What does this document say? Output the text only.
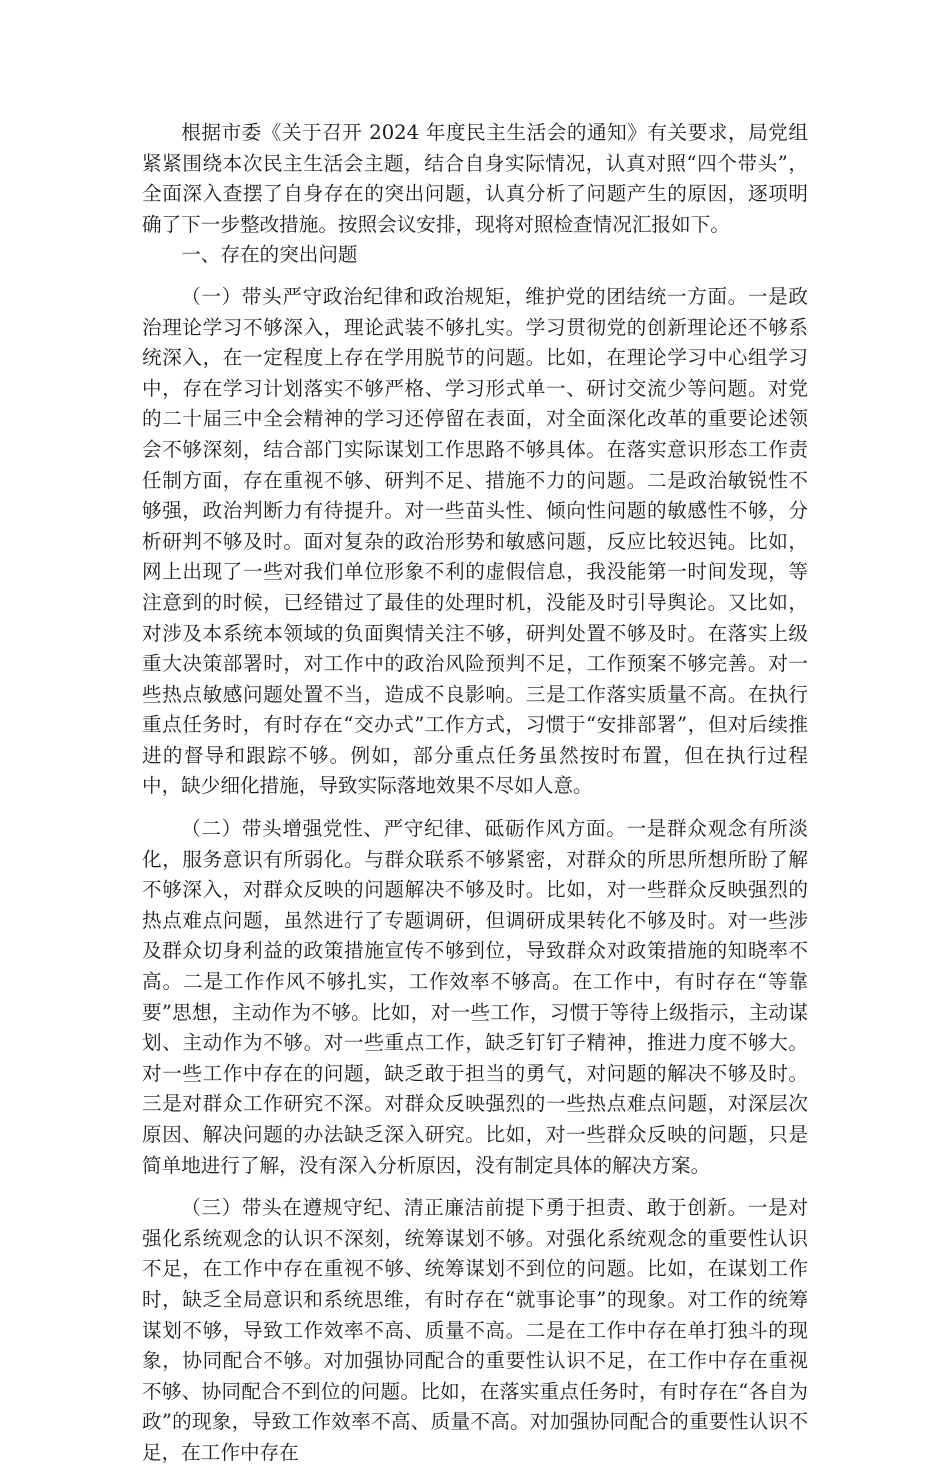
根据市委《关于召开 2024 年度民主生活会的通知》有关要求，局党组紧紧围绕本次民主生活会主题，结合自身实际情况，认真对照“四个带头”，全面深入查摆了自身存在的突出问题，认真分析了问题产生的原因，逐项明确了下一步整改措施。按照会议安排，现将对照检查情况汇报如下。

一、存在的突出问题

（一）带头严守政治纪律和政治规矩，维护党的团结统一方面。一是政治理论学习不够深入，理论武装不够扎实。学习贯彻党的创新理论还不够系统深入，在一定程度上存在学用脱节的问题。比如，在理论学习中心组学习中，存在学习计划落实不够严格、学习形式单一、研讨交流少等问题。对党的二十届三中全会精神的学习还停留在表面，对全面深化改革的重要论述领会不够深刻，结合部门实际谋划工作思路不够具体。在落实意识形态工作责任制方面，存在重视不够、研判不足、措施不力的问题。二是政治敏锐性不够强，政治判断力有待提升。对一些苗头性、倾向性问题的敏感性不够，分析研判不够及时。面对复杂的政治形势和敏感问题，反应比较迟钝。比如，网上出现了一些对我们单位形象不利的虚假信息，我没能第一时间发现，等注意到的时候，已经错过了最佳的处理时机，没能及时引导舆论。又比如，对涉及本系统本领域的负面舆情关注不够，研判处置不够及时。在落实上级重大决策部署时，对工作中的政治风险预判不足，工作预案不够完善。对一些热点敏感问题处置不当，造成不良影响。三是工作落实质量不高。在执行重点任务时，有时存在“交办式”工作方式，习惯于“安排部署”，但对后续推进的督导和跟踪不够。例如，部分重点任务虽然按时布置，但在执行过程中，缺少细化措施，导致实际落地效果不尽如人意。

（二）带头增强党性、严守纪律、砥砺作风方面。一是群众观念有所淡化，服务意识有所弱化。与群众联系不够紧密，对群众的所思所想所盼了解不够深入，对群众反映的问题解决不够及时。比如，对一些群众反映强烈的热点难点问题，虽然进行了专题调研，但调研成果转化不够及时。对一些涉及群众切身利益的政策措施宣传不够到位，导致群众对政策措施的知晓率不高。二是工作作风不够扎实，工作效率不够高。在工作中，有时存在“等靠要”思想，主动作为不够。比如，对一些工作，习惯于等待上级指示，主动谋划、主动作为不够。对一些重点工作，缺乏钉钉子精神，推进力度不够大。对一些工作中存在的问题，缺乏敢于担当的勇气，对问题的解决不够及时。三是对群众工作研究不深。对群众反映强烈的一些热点难点问题，对深层次原因、解决问题的办法缺乏深入研究。比如，对一些群众反映的问题，只是简单地进行了解，没有深入分析原因，没有制定具体的解决方案。

（三）带头在遵规守纪、清正廉洁前提下勇于担责、敢于创新。一是对强化系统观念的认识不深刻，统筹谋划不够。对强化系统观念的重要性认识不足，在工作中存在重视不够、统筹谋划不到位的问题。比如，在谋划工作时，缺乏全局意识和系统思维，有时存在“就事论事”的现象。对工作的统筹谋划不够，导致工作效率不高、质量不高。二是在工作中存在单打独斗的现象，协同配合不够。对加强协同配合的重要性认识不足，在工作中存在重视不够、协同配合不到位的问题。比如，在落实重点任务时，有时存在“各自为政”的现象，导致工作效率不高、质量不高。对加强协同配合的重要性认识不足，在工作中存在
